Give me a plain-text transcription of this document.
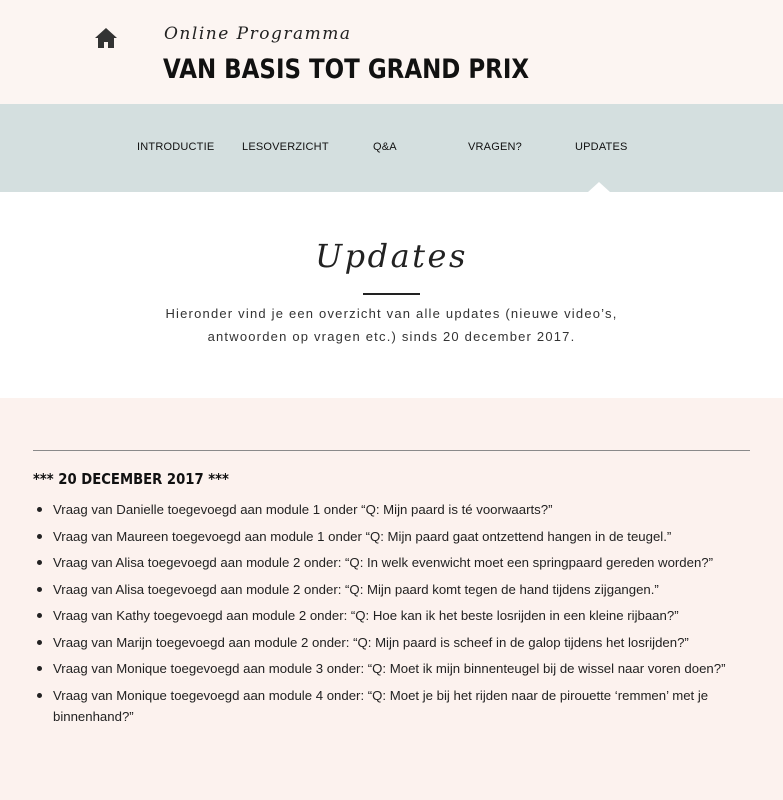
Online Programma
VAN BASIS TOT GRAND PRIX
INTRODUCTIE	LESOVERZICHT	Q&A	VRAGEN?	UPDATES
Updates
Hieronder vind je een overzicht van alle updates (nieuwe video’s, antwoorden op vragen etc.) sinds 20 december 2017.
*** 20 DECEMBER 2017 ***
Vraag van Danielle toegevoegd aan module 1 onder “Q: Mijn paard is té voorwaarts?”
Vraag van Maureen toegevoegd aan module 1 onder “Q: Mijn paard gaat ontzettend hangen in de teugel.”
Vraag van Alisa toegevoegd aan module 2 onder: “Q: In welk evenwicht moet een springpaard gereden worden?”
Vraag van Alisa toegevoegd aan module 2 onder: “Q: Mijn paard komt tegen de hand tijdens zijgangen.”
Vraag van Kathy toegevoegd aan module 2 onder: “Q: Hoe kan ik het beste losrijden in een kleine rijbaan?”
Vraag van Marijn toegevoegd aan module 2 onder: “Q: Mijn paard is scheef in de galop tijdens het losrijden?”
Vraag van Monique toegevoegd aan module 3 onder: “Q: Moet ik mijn binnenteugel bij de wissel naar voren doen?”
Vraag van Monique toegevoegd aan module 4 onder: “Q: Moet je bij het rijden naar de pirouette ‘remmen’ met je binnenhand?”
